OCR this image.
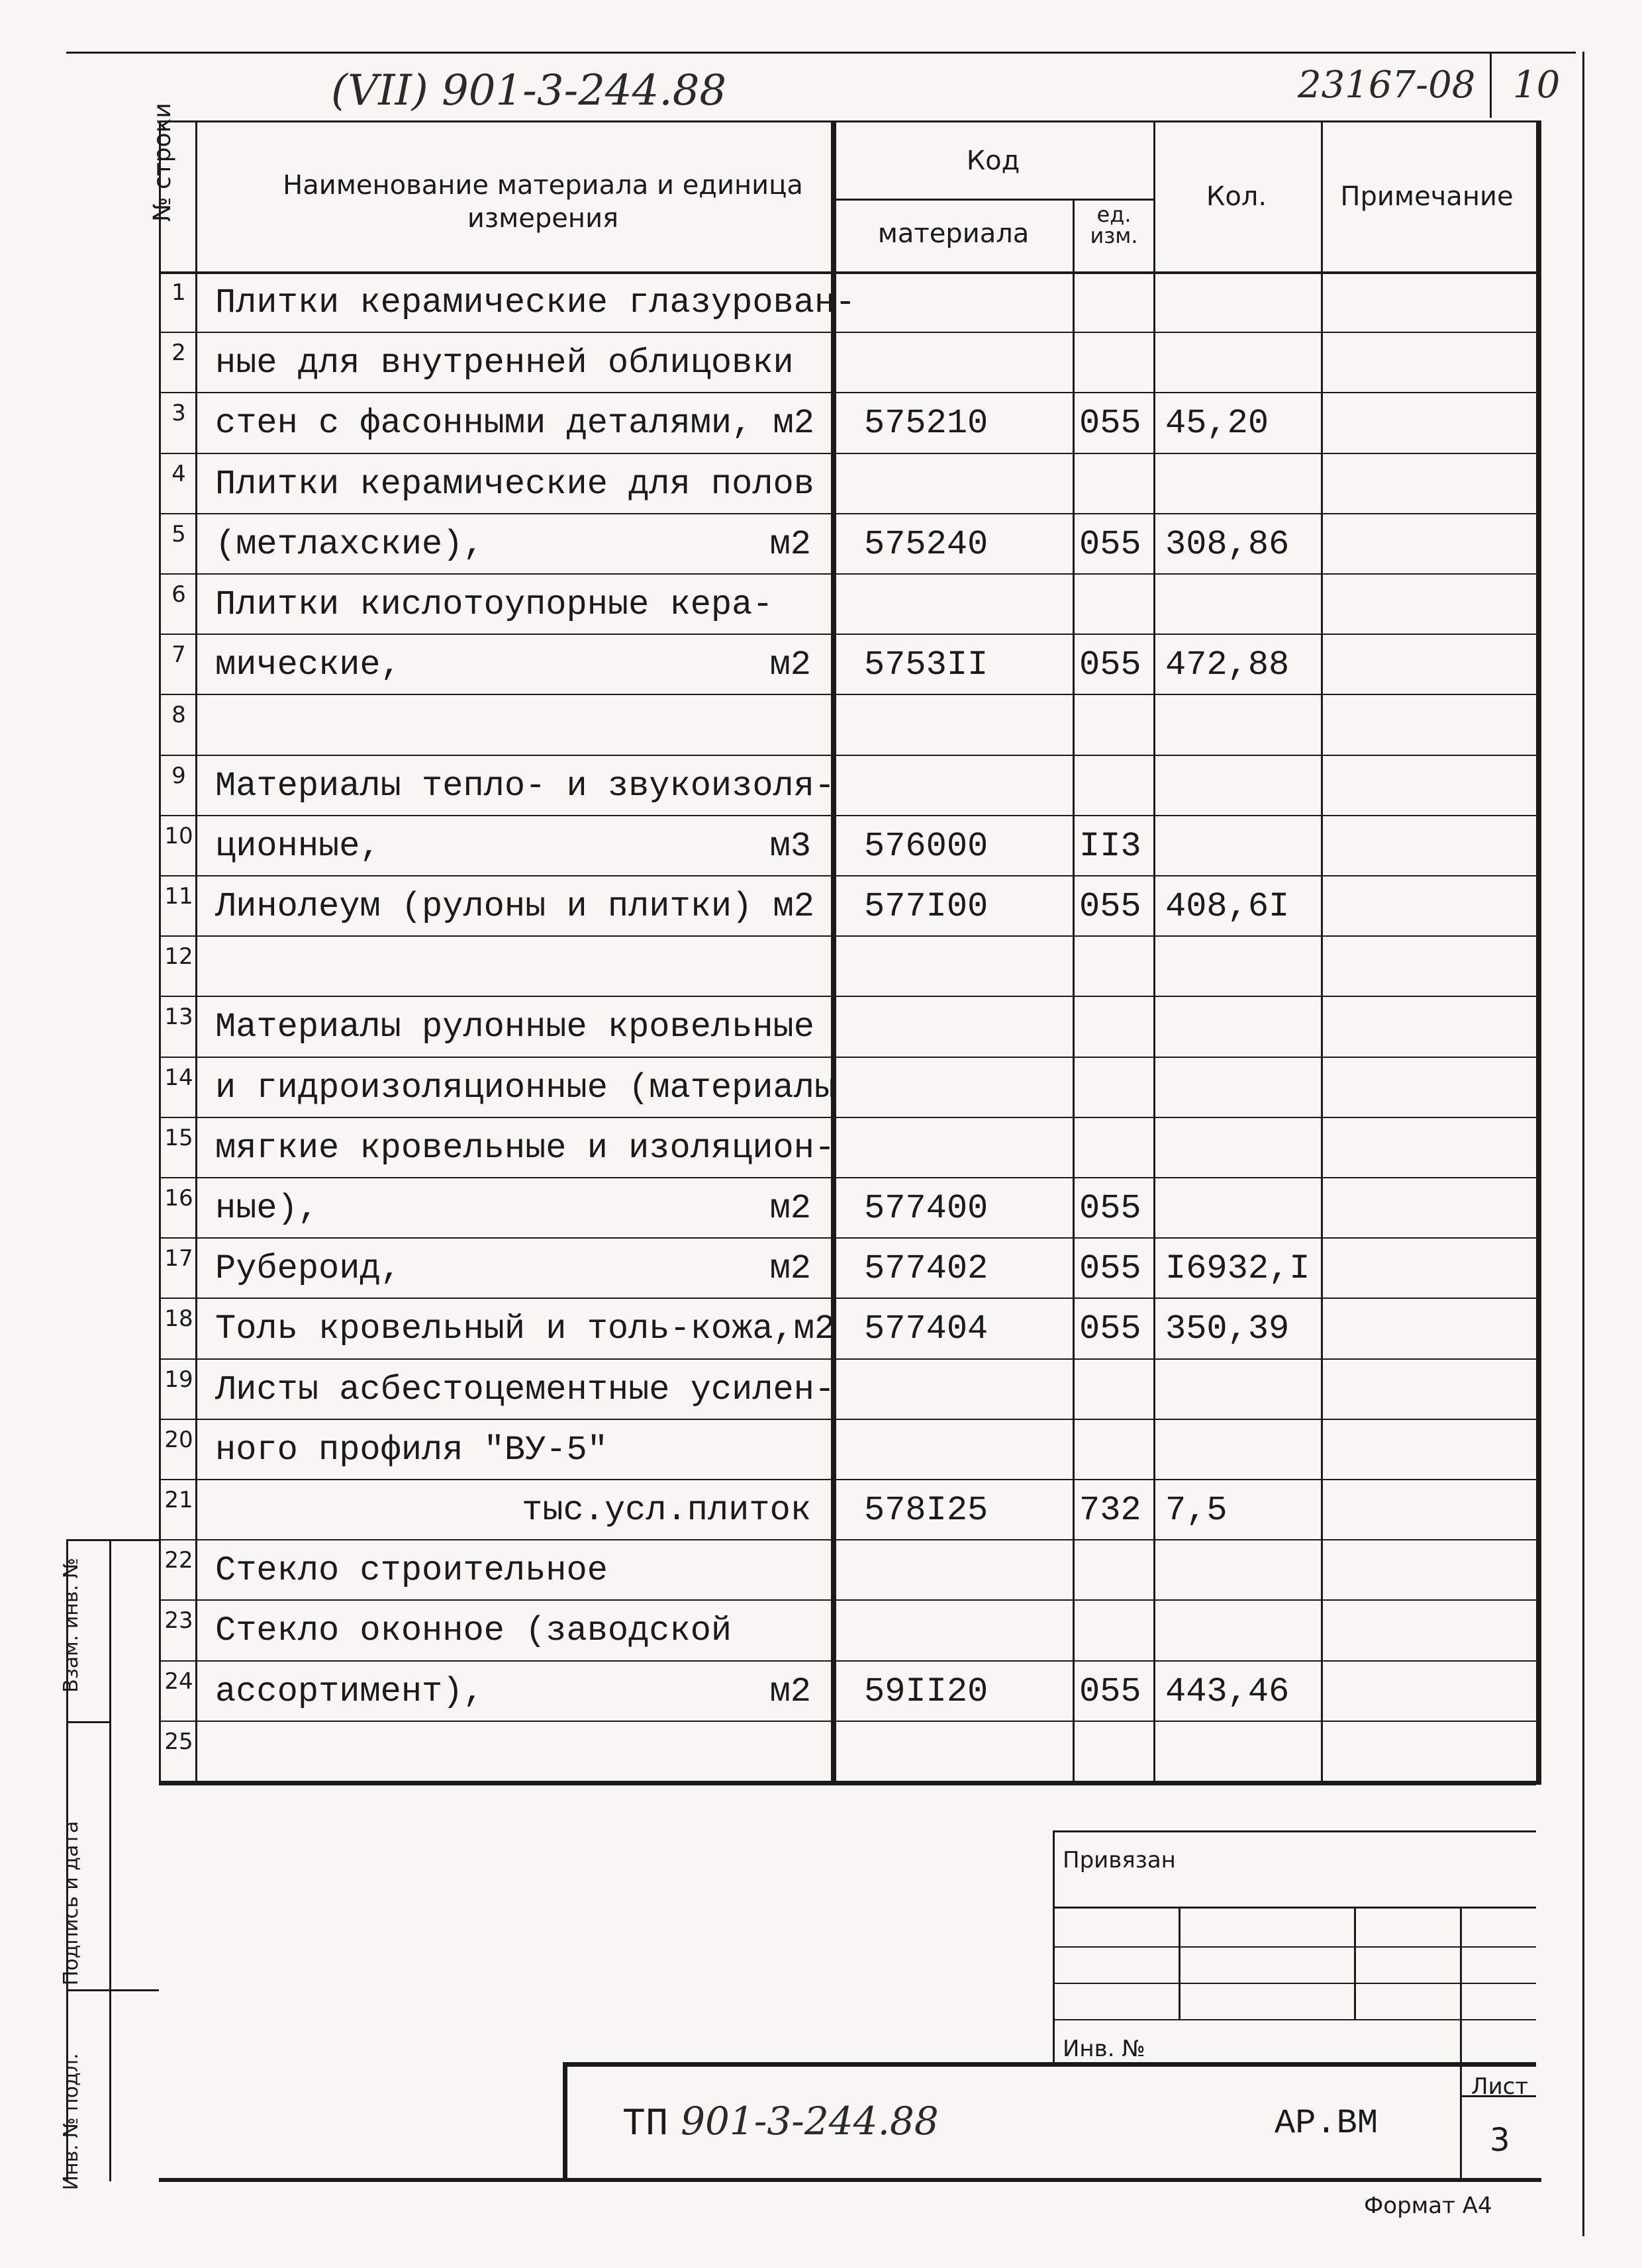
(VII) 901-3-244.88	23167-08 10
№ строки	Наименование материала и единица измерения
Код
материала
ед. изм.
Кол.	Примечание
1 Плитки керамические глазурован-
2 ные для внутренней облицовки
3 стен с фасонными деталями, м2 575210	055 45,20
4 Плитки керамические для полов
5 (метлахские),	м2 575240	055 308,86
6 Плитки кислотоупорные кера-
7 мические,	м2 5753II	055 472,88
8
9 Материалы тепло- и звукоизоля-
10 ционные,	м3 576000	II3
11 Линолеум (рулоны и плитки) м2 577I00	055 408,6I
12
13 Материалы рулонные кровельные
14 и гидроизоляционные (материалы
15 мягкие кровельные и изоляцион-
16 ные),	м2 577400	055
17 Рубероид,	м2 577402	055 I6932,I
18 Толь кровельный и толь-кожа,м2 577404	055 350,39
19 Листы асбестоцементные усилен-
20 ного профиля "ВУ-5"
21	тыс.усл.плиток 578I25	732 7,5
22 Стекло строительное
23 Стекло оконное (заводской
24 ассортимент),	м2 59II20	055 443,46
25
Взам. инв. №
Подпись и дата
Инв. № подл.
Привязан
Инв. №
ТП 901-3-244.88	АР.ВМ
Лист
3
Формат А4
